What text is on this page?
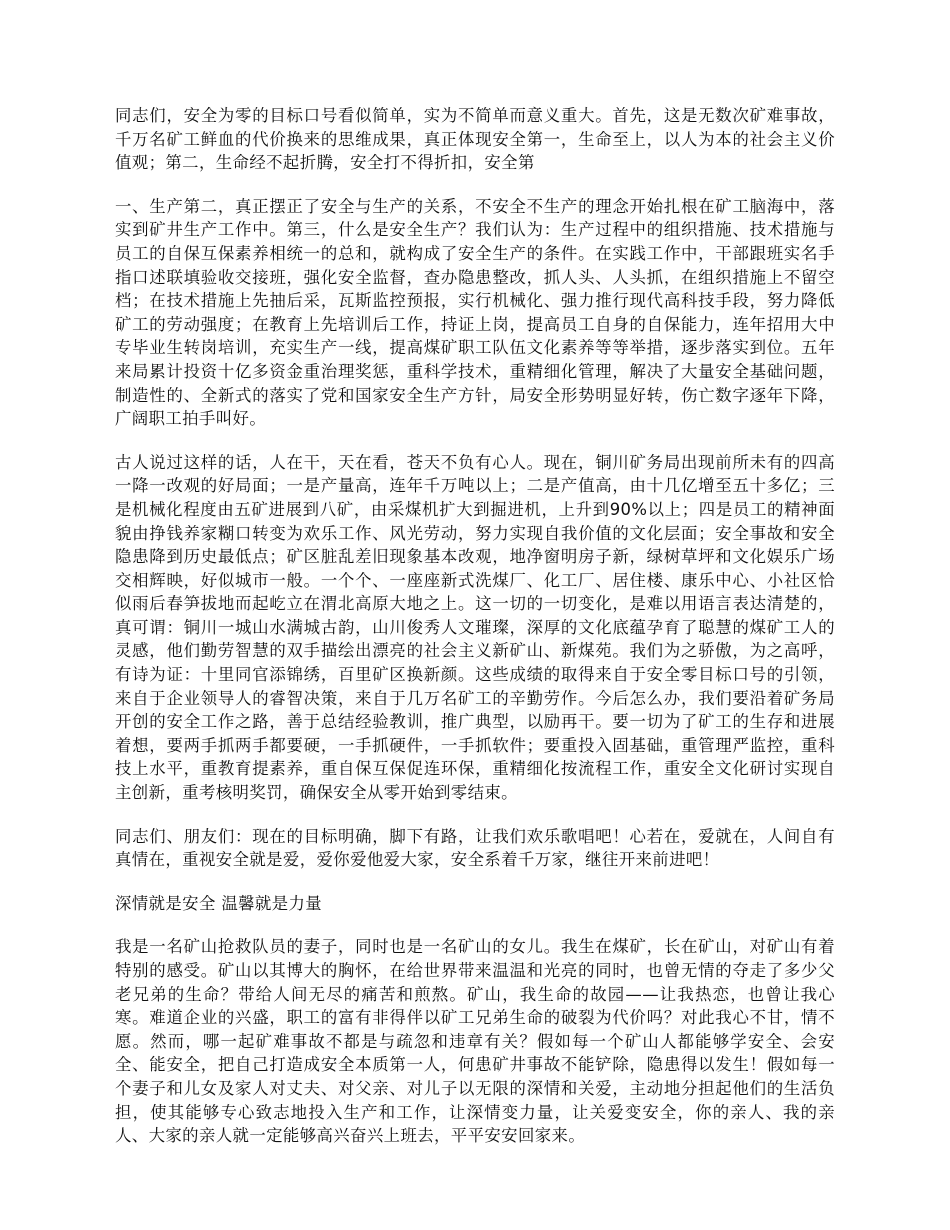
同志们，安全为零的目标口号看似简单，实为不简单而意义重大。首先，这是无数次矿难事故，千万名矿工鲜血的代价换来的思维成果，真正体现安全第一，生命至上，以人为本的社会主义价值观；第二，生命经不起折腾，安全打不得折扣，安全第

一、生产第二，真正摆正了安全与生产的关系，不安全不生产的理念开始扎根在矿工脑海中，落实到矿井生产工作中。第三，什么是安全生产？我们认为：生产过程中的组织措施、技术措施与员工的自保互保素养相统一的总和，就构成了安全生产的条件。在实践工作中，干部跟班实名手指口述联填验收交接班，强化安全监督，查办隐患整改，抓人头、人头抓，在组织措施上不留空档；在技术措施上先抽后采，瓦斯监控预报，实行机械化、强力推行现代高科技手段，努力降低矿工的劳动强度；在教育上先培训后工作，持证上岗，提高员工自身的自保能力，连年招用大中专毕业生转岗培训，充实生产一线，提高煤矿职工队伍文化素养等等举措，逐步落实到位。五年来局累计投资十亿多资金重治理奖惩，重科学技术，重精细化管理，解决了大量安全基础问题，制造性的、全新式的落实了党和国家安全生产方针，局安全形势明显好转，伤亡数字逐年下降，广阔职工拍手叫好。

古人说过这样的话，人在干，天在看，苍天不负有心人。现在，铜川矿务局出现前所未有的四高一降一改观的好局面；一是产量高，连年千万吨以上；二是产值高，由十几亿增至五十多亿；三是机械化程度由五矿进展到八矿，由采煤机扩大到掘进机，上升到90%以上；四是员工的精神面貌由挣钱养家糊口转变为欢乐工作、风光劳动，努力实现自我价值的文化层面；安全事故和安全隐患降到历史最低点；矿区脏乱差旧现象基本改观，地净窗明房子新，绿树草坪和文化娱乐广场交相辉映，好似城市一般。一个个、一座座新式洗煤厂、化工厂、居住楼、康乐中心、小社区恰似雨后春笋拔地而起屹立在渭北高原大地之上。这一切的一切变化，是难以用语言表达清楚的，真可谓：铜川一城山水满城古韵，山川俊秀人文璀璨，深厚的文化底蕴孕育了聪慧的煤矿工人的灵感，他们勤劳智慧的双手描绘出漂亮的社会主义新矿山、新煤苑。我们为之骄傲，为之高呼，有诗为证：十里同官添锦绣，百里矿区换新颜。这些成绩的取得来自于安全零目标口号的引领，来自于企业领导人的睿智决策，来自于几万名矿工的辛勤劳作。今后怎么办，我们要沿着矿务局开创的安全工作之路，善于总结经验教训，推广典型，以励再干。要一切为了矿工的生存和进展着想，要两手抓两手都要硬，一手抓硬件，一手抓软件；要重投入固基础，重管理严监控，重科技上水平，重教育提素养，重自保互保促连环保，重精细化按流程工作，重安全文化研讨实现自主创新，重考核明奖罚，确保安全从零开始到零结束。

同志们、朋友们：现在的目标明确，脚下有路，让我们欢乐歌唱吧！心若在，爱就在，人间自有真情在，重视安全就是爱，爱你爱他爱大家，安全系着千万家，继往开来前进吧！

深情就是安全 温馨就是力量

我是一名矿山抢救队员的妻子，同时也是一名矿山的女儿。我生在煤矿，长在矿山，对矿山有着特别的感受。矿山以其博大的胸怀，在给世界带来温温和光亮的同时，也曾无情的夺走了多少父老兄弟的生命？带给人间无尽的痛苦和煎熬。矿山，我生命的故园——让我热恋，也曾让我心寒。难道企业的兴盛，职工的富有非得伴以矿工兄弟生命的破裂为代价吗？对此我心不甘，情不愿。然而，哪一起矿难事故不都是与疏忽和违章有关？假如每一个矿山人都能够学安全、会安全、能安全，把自己打造成安全本质第一人，何患矿井事故不能铲除，隐患得以发生！假如每一个妻子和儿女及家人对丈夫、对父亲、对儿子以无限的深情和关爱，主动地分担起他们的生活负担，使其能够专心致志地投入生产和工作，让深情变力量，让关爱变安全，你的亲人、我的亲人、大家的亲人就一定能够高兴奋兴上班去，平平安安回家来。
